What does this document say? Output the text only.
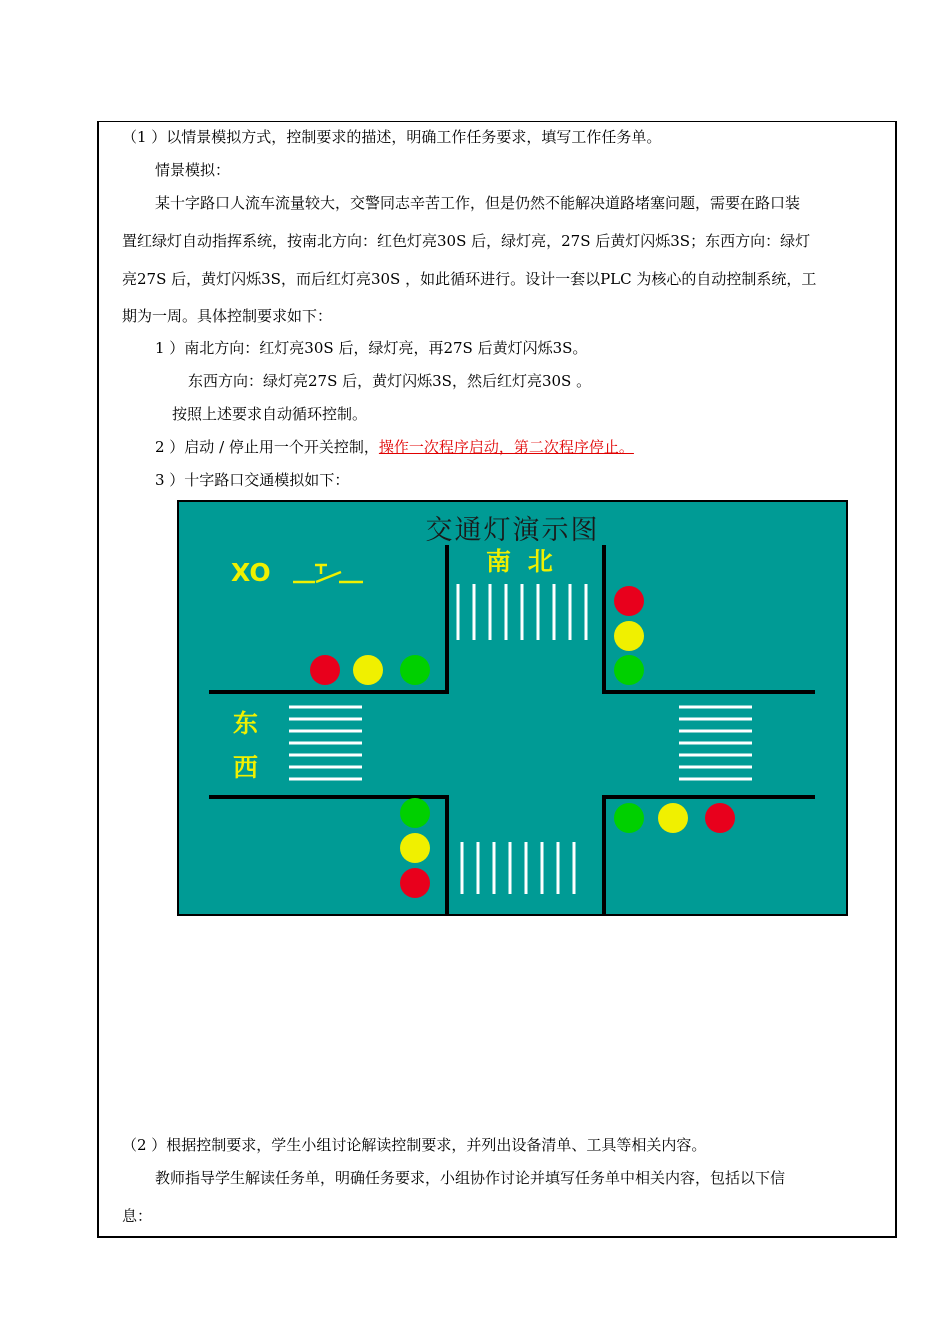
（1 ）以情景模拟方式，控制要求的描述，明确工作任务要求，填写工作任务单。
情景模拟：
某十字路口人流车流量较大，交警同志辛苦工作，但是仍然不能解决道路堵塞问题，需要在路口装
置红绿灯自动指挥系统，按南北方向：红色灯亮30S 后，绿灯亮，27S 后黄灯闪烁3S；东西方向：绿灯
亮27S 后，黄灯闪烁3S，而后红灯亮30S ，如此循环进行。设计一套以PLC 为核心的自动控制系统，工
期为一周。具体控制要求如下：
1 ）南北方向：红灯亮30S 后，绿灯亮，再27S 后黄灯闪烁3S。
东西方向：绿灯亮27S 后，黄灯闪烁3S，然后红灯亮30S 。
按照上述要求自动循环控制。
2 ）启动 / 停止用一个开关控制，操作一次程序启动，第二次程序停止。
3 ）十字路口交通模拟如下：
交通灯演示图
XO	南 北
东
西
（2 ）根据控制要求，学生小组讨论解读控制要求，并列出设备清单、工具等相关内容。
教师指导学生解读任务单，明确任务要求，小组协作讨论并填写任务单中相关内容，包括以下信
息：
